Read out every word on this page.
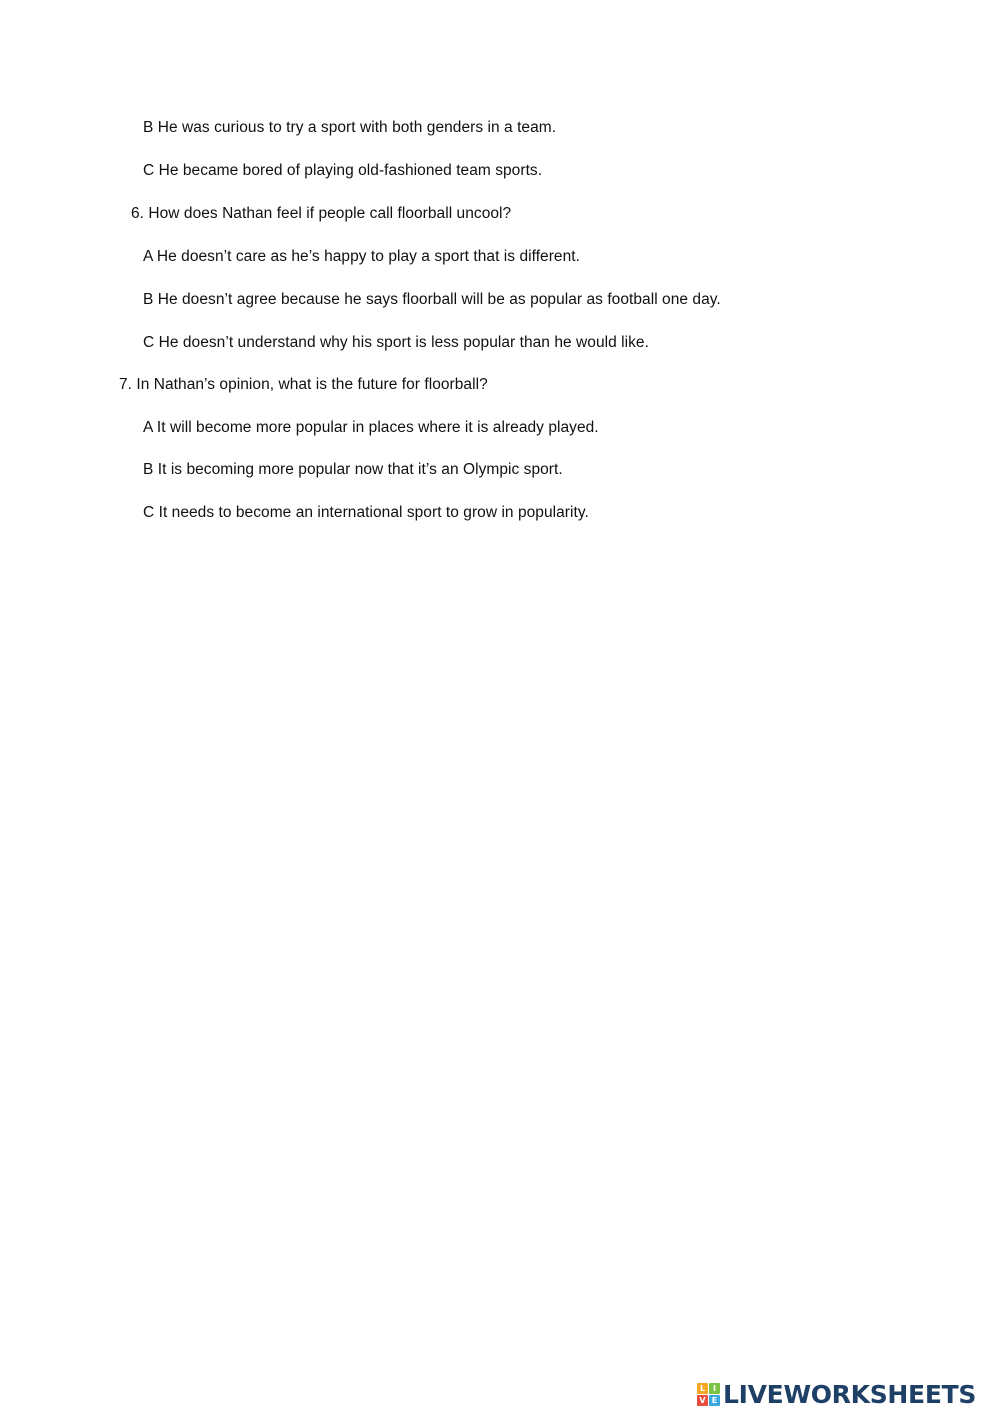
B He was curious to try a sport with both genders in a team.
C He became bored of playing old-fashioned team sports.
6. How does Nathan feel if people call floorball uncool?
A He doesn’t care as he’s happy to play a sport that is different.
B He doesn’t agree because he says floorball will be as popular as football one day.
C He doesn’t understand why his sport is less popular than he would like.
7. In Nathan’s opinion, what is the future for floorball?
A It will become more popular in places where it is already played.
B It is becoming more popular now that it’s an Olympic sport.
C It needs to become an international sport to grow in popularity.
L I
V E LIVEWORKSHEETS
